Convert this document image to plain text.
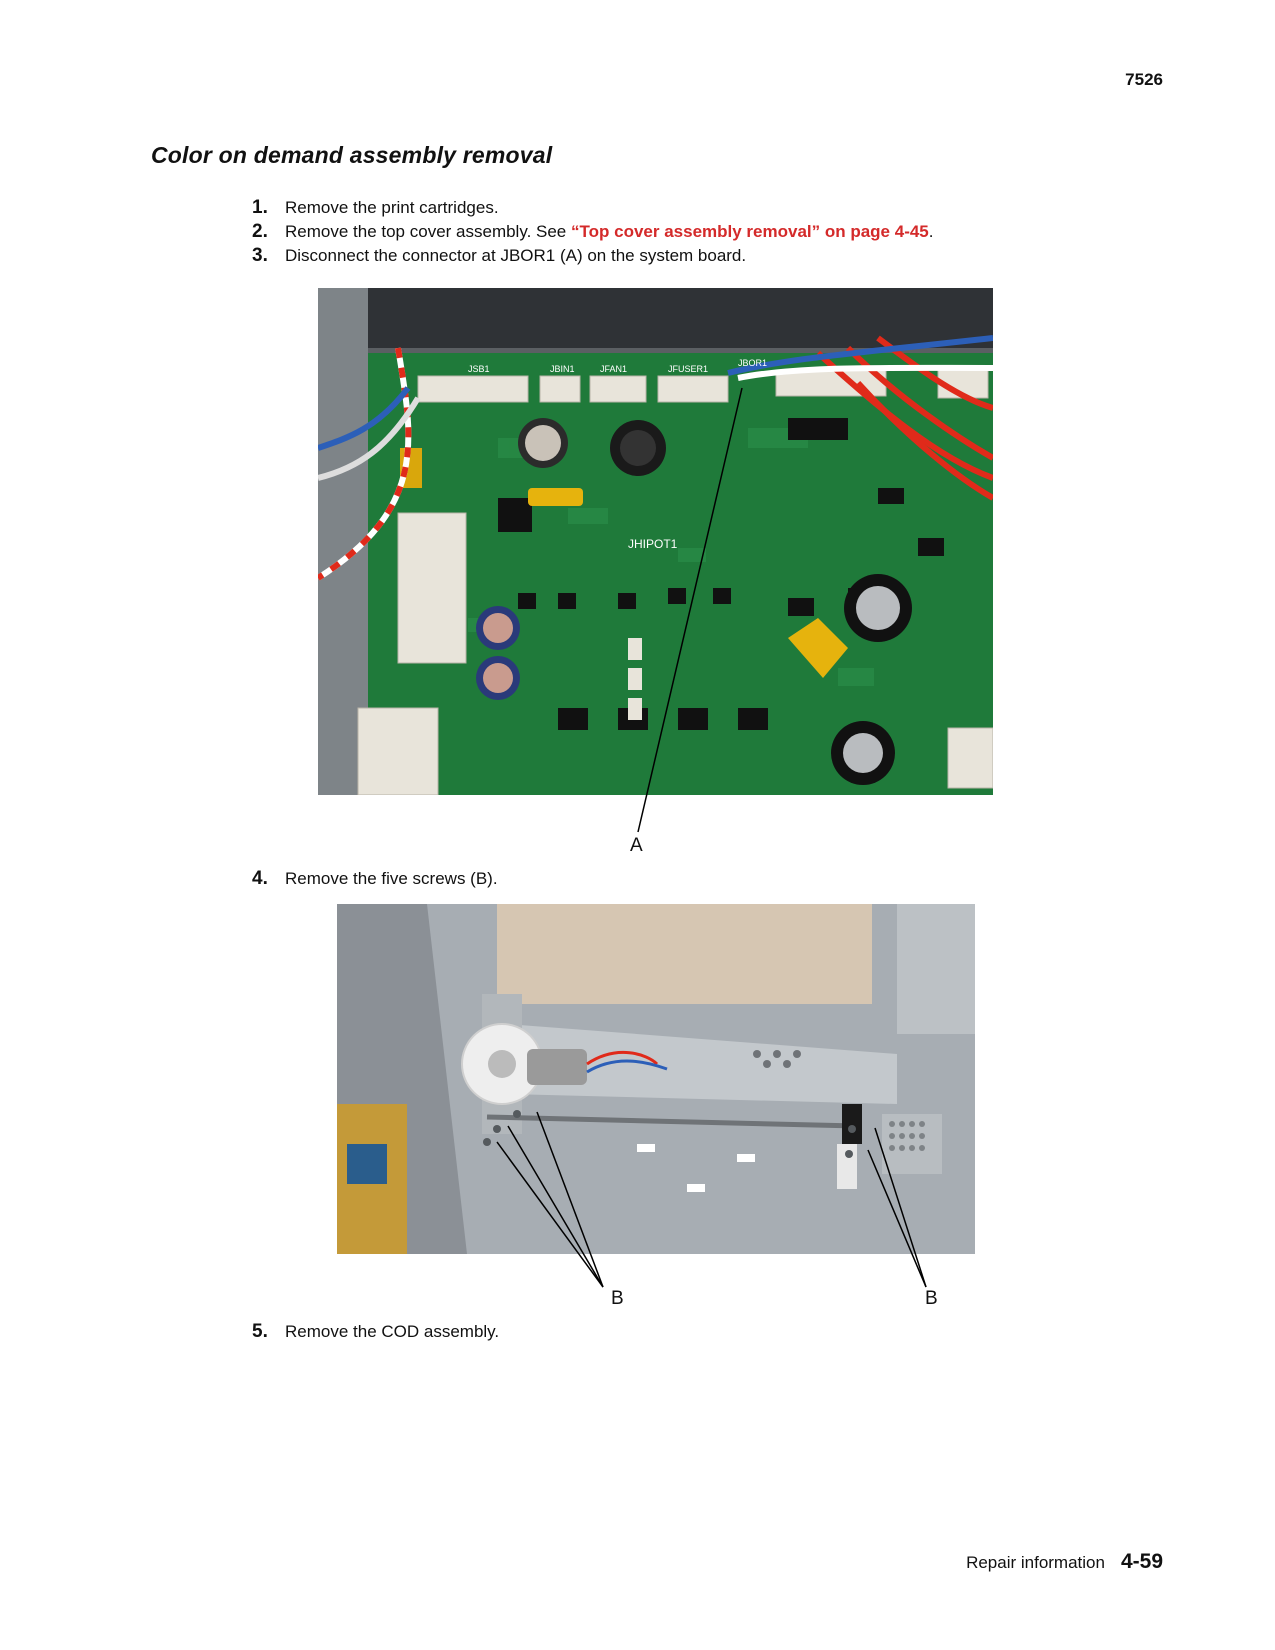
7526
Color on demand assembly removal
1. Remove the print cartridges.
2. Remove the top cover assembly. See “Top cover assembly removal” on page 4-45.
3. Disconnect the connector at JBOR1 (A) on the system board.
JSB1	JBIN1	JFAN1	JFUSER1
JBOR1
JHIPOT1
A
4. Remove the five screws (B).
B	B
5. Remove the COD assembly.
Repair information 4-59
